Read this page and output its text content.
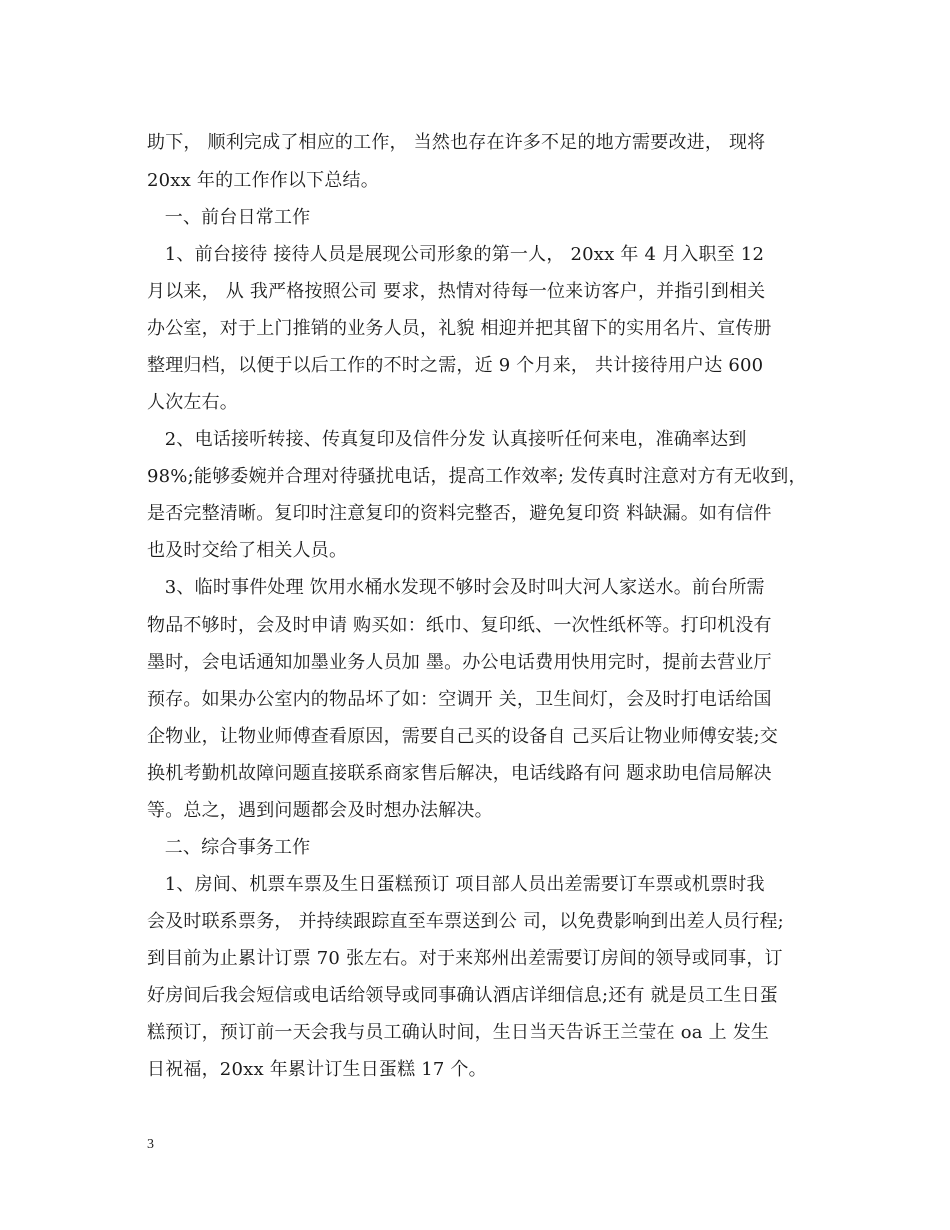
助下， 顺利完成了相应的工作， 当然也存在许多不足的地方需要改进， 现将
20xx 年的工作作以下总结。
一、前台日常工作
1、前台接待 接待人员是展现公司形象的第一人， 20xx 年 4 月入职至 12
月以来， 从 我严格按照公司 要求，热情对待每一位来访客户，并指引到相关
办公室，对于上门推销的业务人员，礼貌 相迎并把其留下的实用名片、宣传册
整理归档，以便于以后工作的不时之需，近 9 个月来， 共计接待用户达 600
人次左右。
2、电话接听转接、传真复印及信件分发 认真接听任何来电，准确率达到
98%;能够委婉并合理对待骚扰电话，提高工作效率; 发传真时注意对方有无收到，
是否完整清晰。复印时注意复印的资料完整否，避免复印资 料缺漏。如有信件
也及时交给了相关人员。
3、临时事件处理 饮用水桶水发现不够时会及时叫大河人家送水。前台所需
物品不够时，会及时申请 购买如：纸巾、复印纸、一次性纸杯等。打印机没有
墨时，会电话通知加墨业务人员加 墨。办公电话费用快用完时，提前去营业厅
预存。如果办公室内的物品坏了如：空调开 关，卫生间灯，会及时打电话给国
企物业，让物业师傅查看原因，需要自己买的设备自 己买后让物业师傅安装;交
换机考勤机故障问题直接联系商家售后解决，电话线路有问 题求助电信局解决
等。总之，遇到问题都会及时想办法解决。
二、综合事务工作
1、房间、机票车票及生日蛋糕预订 项目部人员出差需要订车票或机票时我
会及时联系票务， 并持续跟踪直至车票送到公 司，以免费影响到出差人员行程;
到目前为止累计订票 70 张左右。对于来郑州出差需要订房间的领导或同事，订
好房间后我会短信或电话给领导或同事确认酒店详细信息;还有 就是员工生日蛋
糕预订，预订前一天会我与员工确认时间，生日当天告诉王兰莹在 oa 上 发生
日祝福，20xx 年累计订生日蛋糕 17 个。
3
